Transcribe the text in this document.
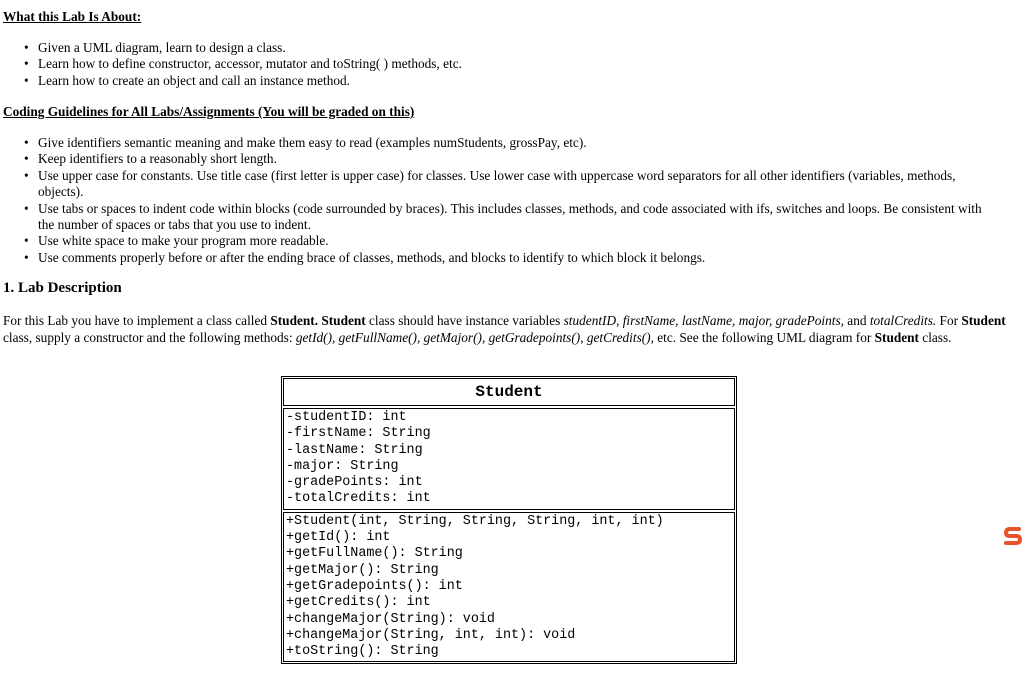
What this Lab Is About:
• Given a UML diagram, learn to design a class.
• Learn how to define constructor, accessor, mutator and toString( ) methods, etc.
• Learn how to create an object and call an instance method.
Coding Guidelines for All Labs/Assignments (You will be graded on this)
• Give identifiers semantic meaning and make them easy to read (examples numStudents, grossPay, etc).
• Keep identifiers to a reasonably short length.
• Use upper case for constants. Use title case (first letter is upper case) for classes. Use lower case with uppercase word separators for all other identifiers (variables, methods, objects).
• Use tabs or spaces to indent code within blocks (code surrounded by braces). This includes classes, methods, and code associated with ifs, switches and loops. Be consistent with the number of spaces or tabs that you use to indent.
• Use white space to make your program more readable.
• Use comments properly before or after the ending brace of classes, methods, and blocks to identify to which block it belongs.
1. Lab Description

For this Lab you have to implement a class called Student. Student class should have instance variables studentID, firstName, lastName, major, gradePoints, and totalCredits. For Student class, supply a constructor and the following methods: getId(), getFullName(), getMajor(), getGradepoints(), getCredits(), etc. See the following UML diagram for Student class.

Student
-studentID: int
-firstName: String
-lastName: String
-major: String
-gradePoints: int
-totalCredits: int
+Student(int, String, String, String, int, int)
+getId(): int
+getFullName(): String
+getMajor(): String
+getGradepoints(): int
+getCredits(): int
+changeMajor(String): void
+changeMajor(String, int, int): void
+toString(): String
